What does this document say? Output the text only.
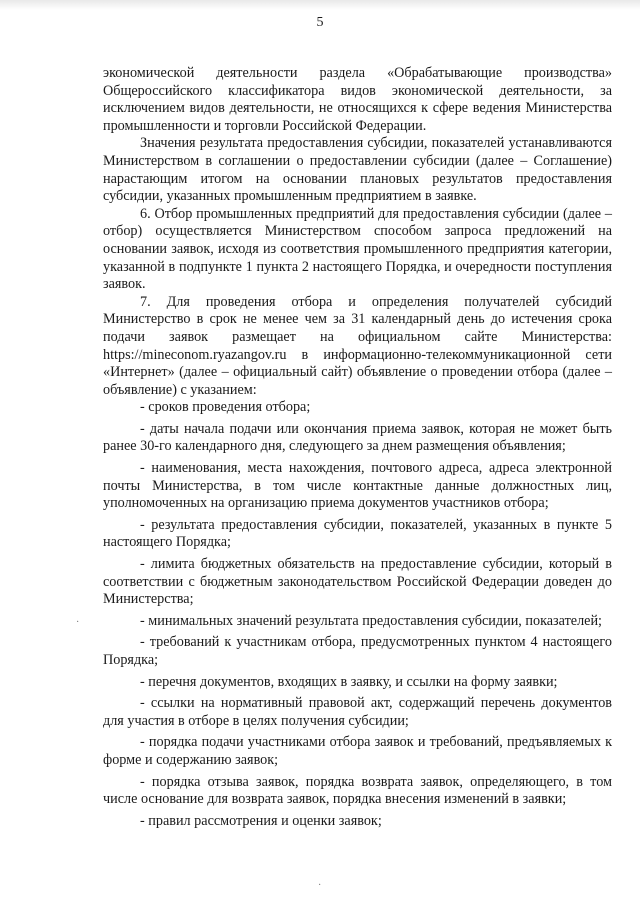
5

экономической деятельности раздела «Обрабатывающие производства» Общероссийского классификатора видов экономической деятельности, за исключением видов деятельности, не относящихся к сфере ведения Министерства промышленности и торговли Российской Федерации.

Значения результата предоставления субсидии, показателей устанавливаются Министерством в соглашении о предоставлении субсидии (далее – Соглашение) нарастающим итогом на основании плановых результатов предоставления субсидии, указанных промышленным предприятием в заявке.

6. Отбор промышленных предприятий для предоставления субсидии (далее – отбор) осуществляется Министерством способом запроса предложений на основании заявок, исходя из соответствия промышленного предприятия категории, указанной в подпункте 1 пункта 2 настоящего Порядка, и очередности поступления заявок.

7. Для проведения отбора и определения получателей субсидий Министерство в срок не менее чем за 31 календарный день до истечения срока подачи заявок размещает на официальном сайте Министерства: https://mineconom.ryazangov.ru в информационно-телекоммуникационной сети «Интернет» (далее – официальный сайт) объявление о проведении отбора (далее – объявление) с указанием:

- сроков проведения отбора;

- даты начала подачи или окончания приема заявок, которая не может быть ранее 30-го календарного дня, следующего за днем размещения объявления;

- наименования, места нахождения, почтового адреса, адреса электронной почты Министерства, в том числе контактные данные должностных лиц, уполномоченных на организацию приема документов участников отбора;

- результата предоставления субсидии, показателей, указанных в пункте 5 настоящего Порядка;

- лимита бюджетных обязательств на предоставление субсидии, который в соответствии с бюджетным законодательством Российской Федерации доведен до Министерства;

- минимальных значений результата предоставления субсидии, показателей;

- требований к участникам отбора, предусмотренных пунктом 4 настоящего Порядка;

- перечня документов, входящих в заявку, и ссылки на форму заявки;

- ссылки на нормативный правовой акт, содержащий перечень документов для участия в отборе в целях получения субсидии;

- порядка подачи участниками отбора заявок и требований, предъявляемых к форме и содержанию заявок;

- порядка отзыва заявок, порядка возврата заявок, определяющего, в том числе основание для возврата заявок, порядка внесения изменений в заявки;

- правил рассмотрения и оценки заявок;

·
·
